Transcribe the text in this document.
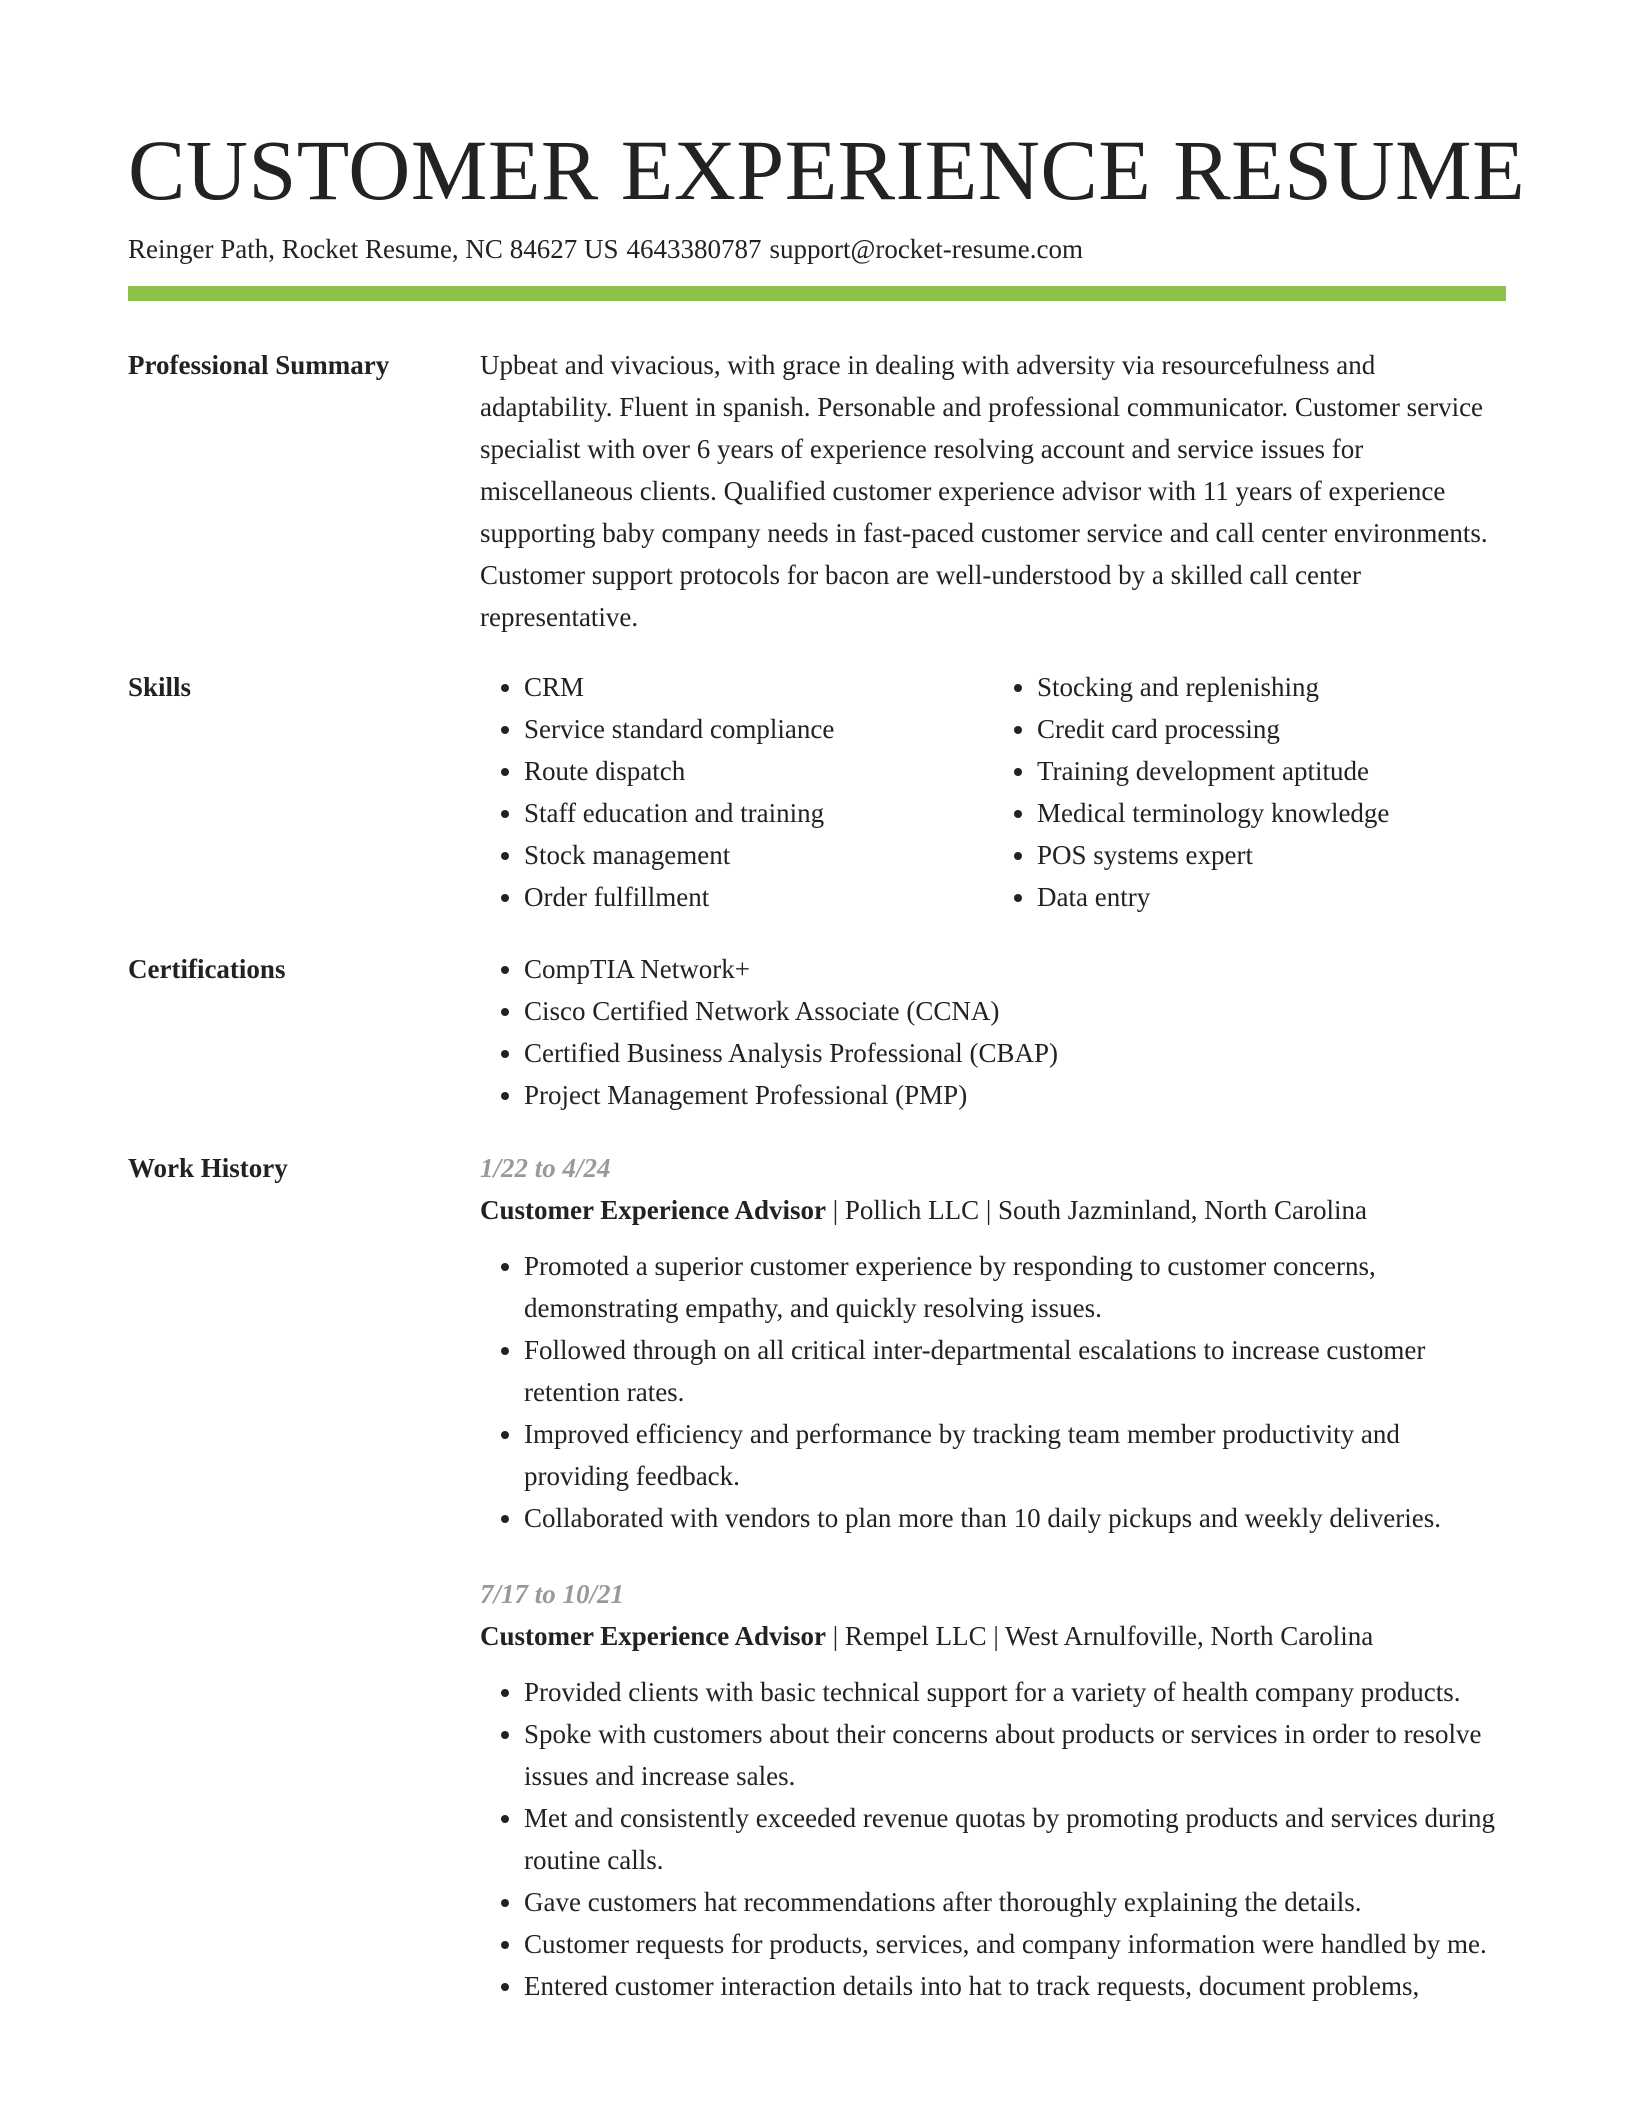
CUSTOMER EXPERIENCE RESUME
Reinger Path, Rocket Resume, NC 84627 US 4643380787 support@rocket-resume.com
Professional Summary	Upbeat and vivacious, with grace in dealing with adversity via resourcefulness and adaptability. Fluent in spanish. Personable and professional communicator. Customer service specialist with over 6 years of experience resolving account and service issues for miscellaneous clients. Qualified customer experience advisor with 11 years of experience supporting baby company needs in fast-paced customer service and call center environments. Customer support protocols for bacon are well-understood by a skilled call center representative.

Skills	• CRM
• Service standard compliance
• Route dispatch
• Staff education and training
• Stock management
• Order fulfillment
• Stocking and replenishing
• Credit card processing
• Training development aptitude
• Medical terminology knowledge
• POS systems expert
• Data entry
Certifications	• CompTIA Network+
• Cisco Certified Network Associate (CCNA)
• Certified Business Analysis Professional (CBAP)
• Project Management Professional (PMP)
Work History	1/22 to 4/24
Customer Experience Advisor | Pollich LLC | South Jazminland, North Carolina
• Promoted a superior customer experience by responding to customer concerns, demonstrating empathy, and quickly resolving issues.
• Followed through on all critical inter-departmental escalations to increase customer retention rates.
• Improved efficiency and performance by tracking team member productivity and providing feedback.
• Collaborated with vendors to plan more than 10 daily pickups and weekly deliveries.
7/17 to 10/21
Customer Experience Advisor | Rempel LLC | West Arnulfoville, North Carolina
• Provided clients with basic technical support for a variety of health company products.
• Spoke with customers about their concerns about products or services in order to resolve issues and increase sales.
• Met and consistently exceeded revenue quotas by promoting products and services during routine calls.
• Gave customers hat recommendations after thoroughly explaining the details.
• Customer requests for products, services, and company information were handled by me.
• Entered customer interaction details into hat to track requests, document problems,
